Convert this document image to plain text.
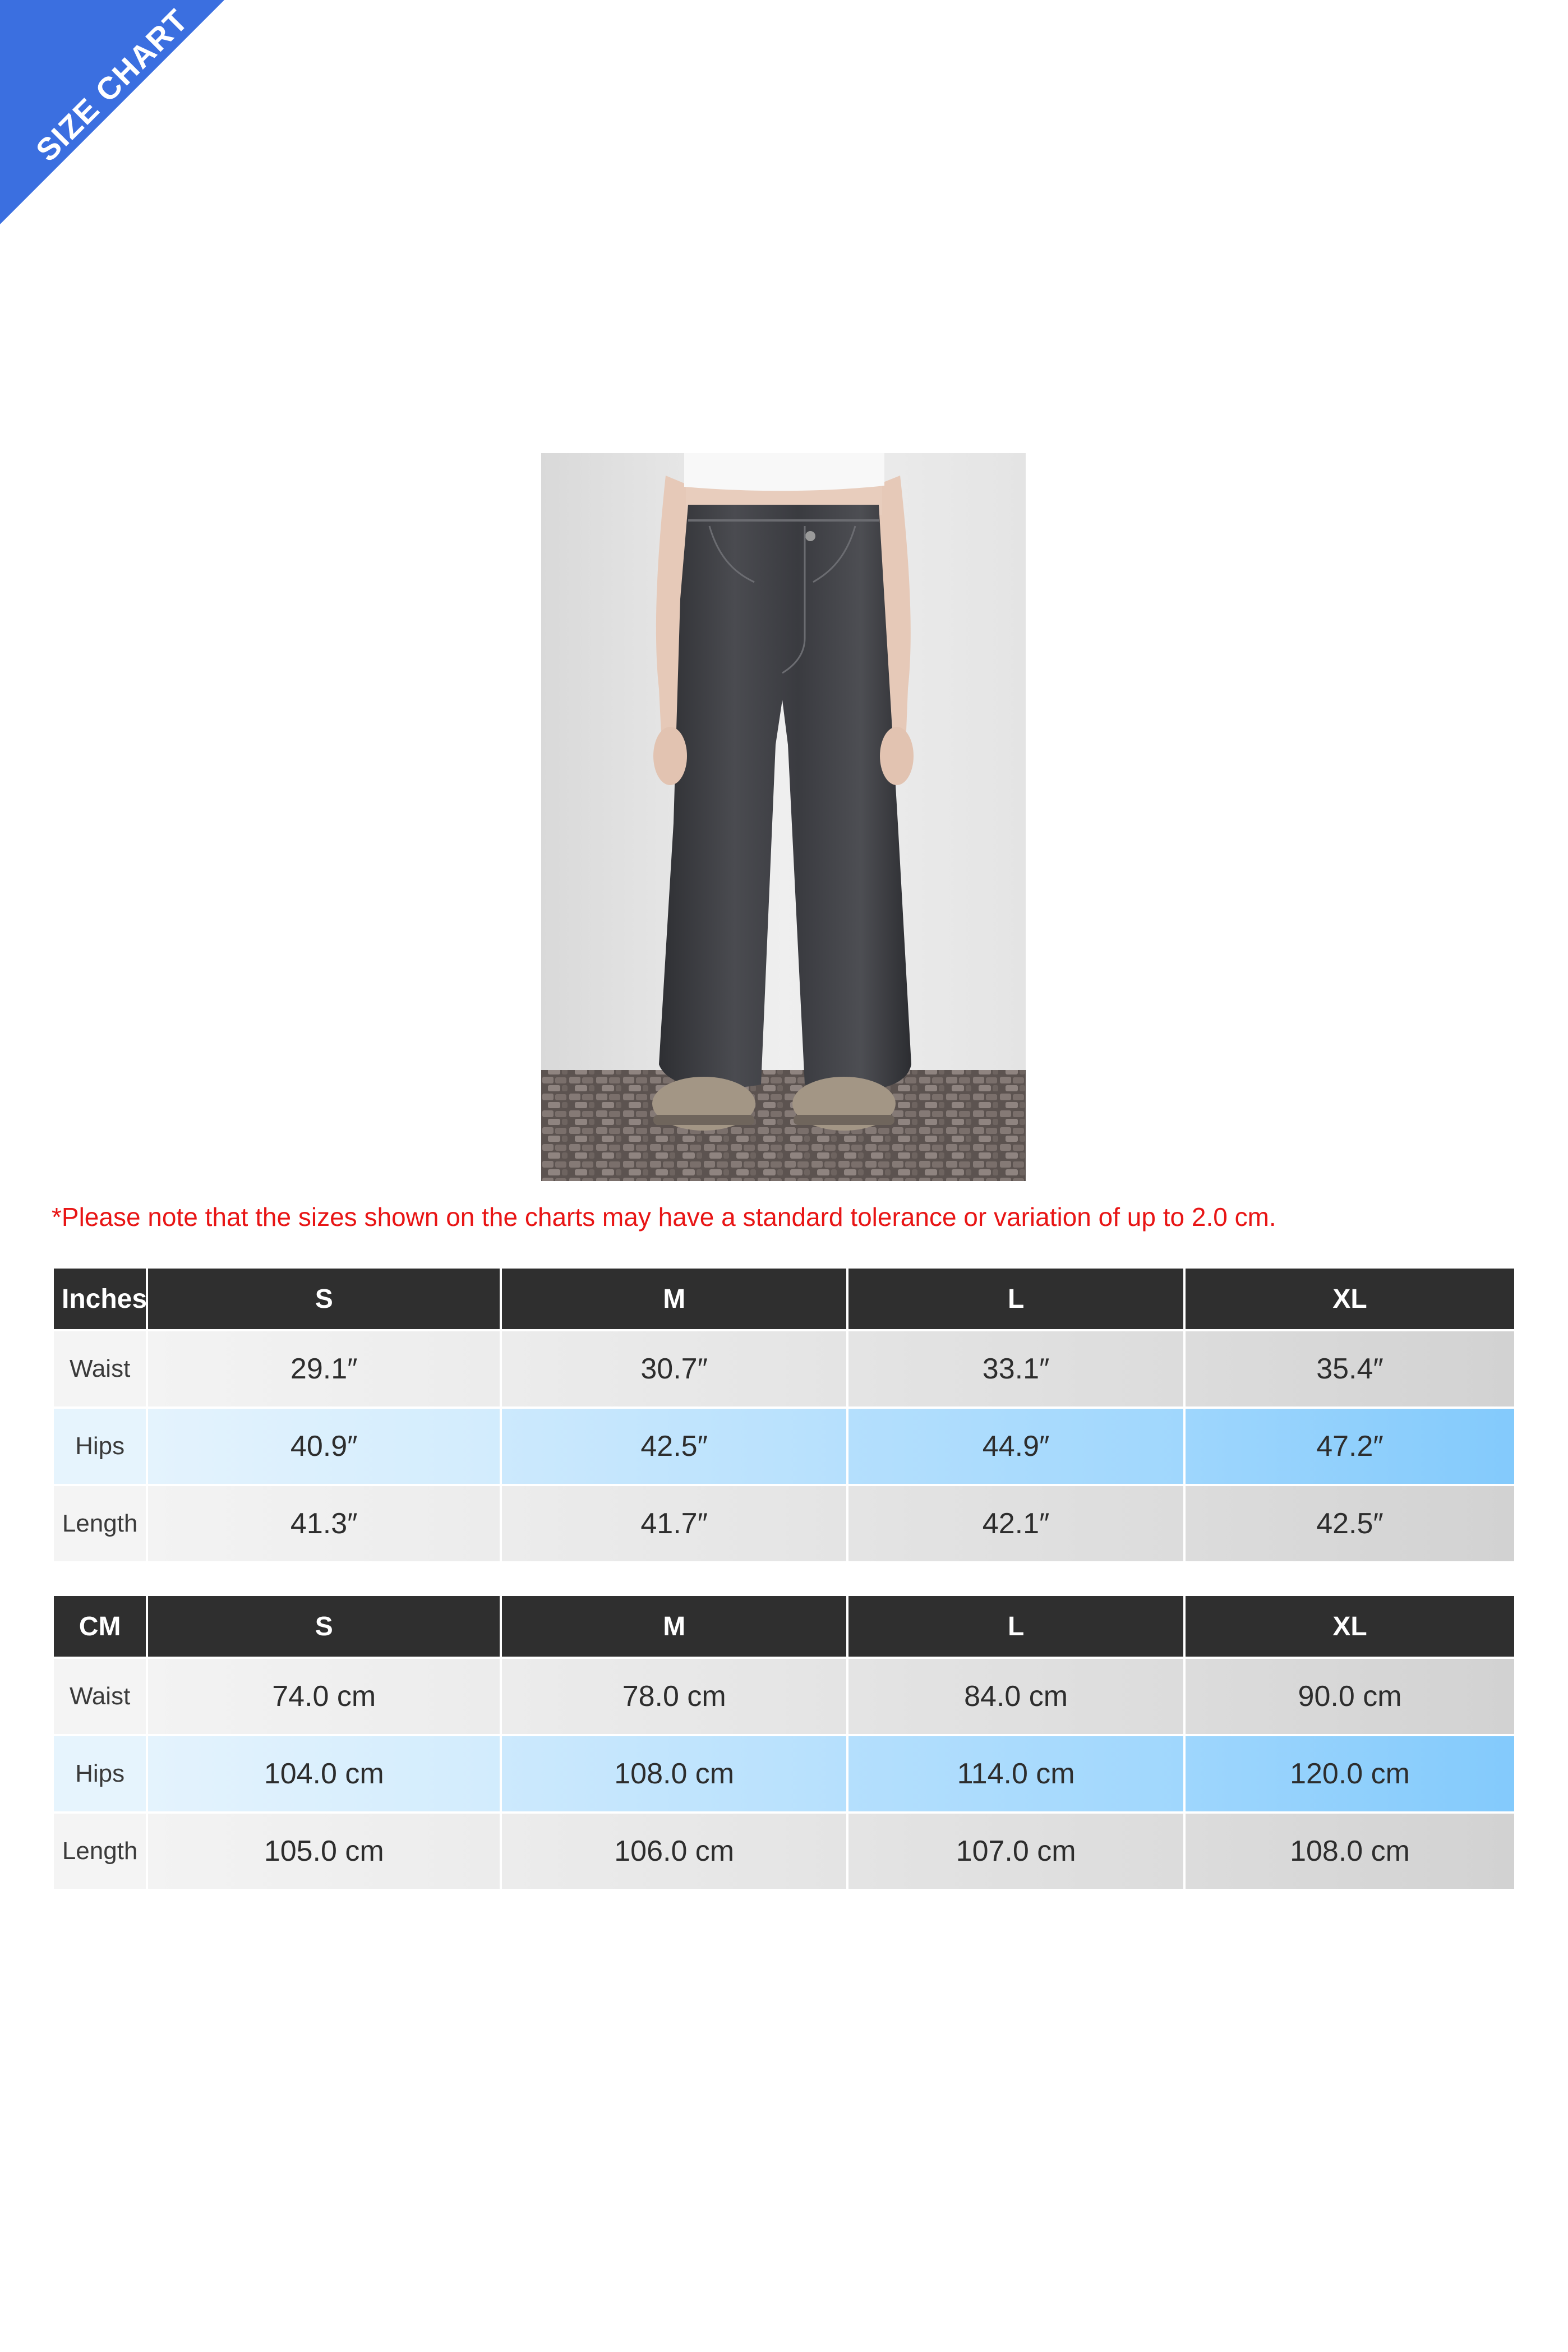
SIZE CHART
*Please note that the sizes shown on the charts may have a standard tolerance or variation of up to 2.0 cm.
Inches	S	M	L	XL
Waist	29.1″	30.7″	33.1″	35.4″
Hips	40.9″	42.5″	44.9″	47.2″
Length	41.3″	41.7″	42.1″	42.5″
CM	S	M	L	XL
Waist	74.0 cm	78.0 cm	84.0 cm	90.0 cm
Hips	104.0 cm	108.0 cm	114.0 cm	120.0 cm
Length	105.0 cm	106.0 cm	107.0 cm	108.0 cm
